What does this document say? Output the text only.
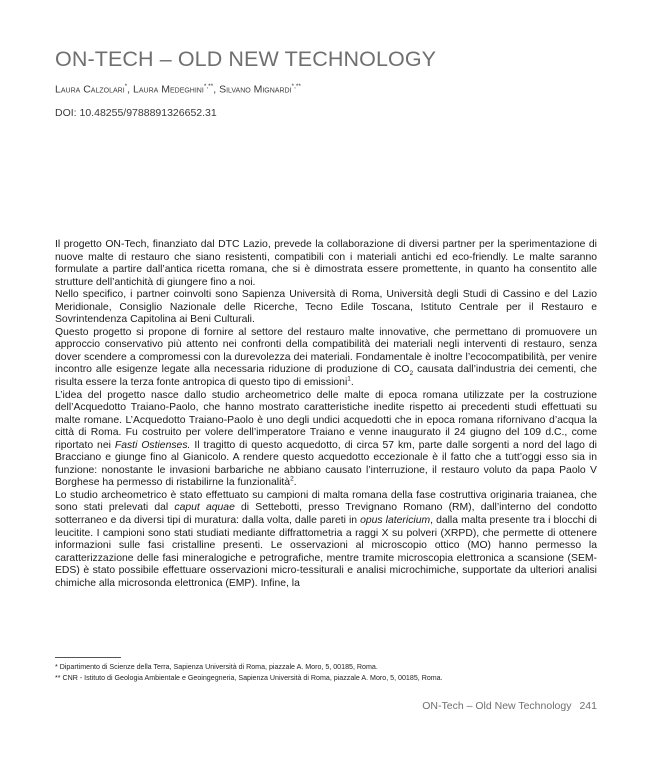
ON-TECH – OLD NEW TECHNOLOGY
Laura Calzolari*, Laura Medeghini*,**, Silvano Mignardi*,**
DOI: 10.48255/9788891326652.31

Il progetto ON-Tech, finanziato dal DTC Lazio, prevede la collaborazione di diversi partner per la sperimentazione di nuove malte di restauro che siano resistenti, compatibili con i materiali antichi ed eco-friendly. Le malte saranno formulate a partire dall’antica ricetta romana, che si è dimostrata essere promettente, in quanto ha consentito alle strutture dell’antichità di giungere fino a noi.

Nello specifico, i partner coinvolti sono Sapienza Università di Roma, Università degli Studi di Cassino e del Lazio Meridionale, Consiglio Nazionale delle Ricerche, Tecno Edile Toscana, Istituto Centrale per il Restauro e Sovrintendenza Capitolina ai Beni Culturali.

Questo progetto si propone di fornire al settore del restauro malte innovative, che permettano di promuovere un approccio conservativo più attento nei confronti della compatibilità dei materiali negli interventi di restauro, senza dover scendere a compromessi con la durevolezza dei materiali. Fondamentale è inoltre l’ecocompatibilità, per venire incontro alle esigenze legate alla necessaria riduzione di produzione di $CO_2$ causata dall’industria dei cementi, che risulta essere la terza fonte antropica di questo tipo di emissioni$^1$.

L’idea del progetto nasce dallo studio archeometrico delle malte di epoca romana utilizzate per la costruzione dell’Acquedotto Traiano-Paolo, che hanno mostrato caratteristiche inedite rispetto ai precedenti studi effettuati su malte romane. L’Acquedotto Traiano-Paolo è uno degli undici acquedotti che in epoca romana rifornivano d’acqua la città di Roma. Fu costruito per volere dell’imperatore Traiano e venne inaugurato il 24 giugno del 109 d.C., come riportato nei Fasti Ostienses. Il tragitto di questo acquedotto, di circa 57 km, parte dalle sorgenti a nord del lago di Bracciano e giunge fino al Gianicolo. A rendere questo acquedotto eccezionale è il fatto che a tutt’oggi esso sia in funzione: nonostante le invasioni barbariche ne abbiano causato l’interruzione, il restauro voluto da papa Paolo V Borghese ha permesso di ristabilirne la funzionalità$^2$.

Lo studio archeometrico è stato effettuato su campioni di malta romana della fase costruttiva originaria traianea, che sono stati prelevati dal caput aquae di Settebotti, presso Trevignano Romano (RM), dall’interno del condotto sotterraneo e da diversi tipi di muratura: dalla volta, dalle pareti in opus latericium, dalla malta presente tra i blocchi di leucitite. I campioni sono stati studiati mediante diffrattometria a raggi X su polveri (XRPD), che permette di ottenere informazioni sulle fasi cristalline presenti. Le osservazioni al microscopio ottico (MO) hanno permesso la caratterizzazione delle fasi mineralogiche e petrografiche, mentre tramite microscopia elettronica a scansione (SEM-EDS) è stato possibile effettuare osservazioni micro-tessiturali e analisi microchimiche, supportate da ulteriori analisi chimiche alla microsonda elettronica (EMP). Infine, la

* Dipartimento di Scienze della Terra, Sapienza Università di Roma, piazzale A. Moro, 5, 00185, Roma.
** CNR - Istituto di Geologia Ambientale e Geoingegneria, Sapienza Università di Roma, piazzale A. Moro, 5, 00185, Roma.
ON-Tech – Old New Technology 241
